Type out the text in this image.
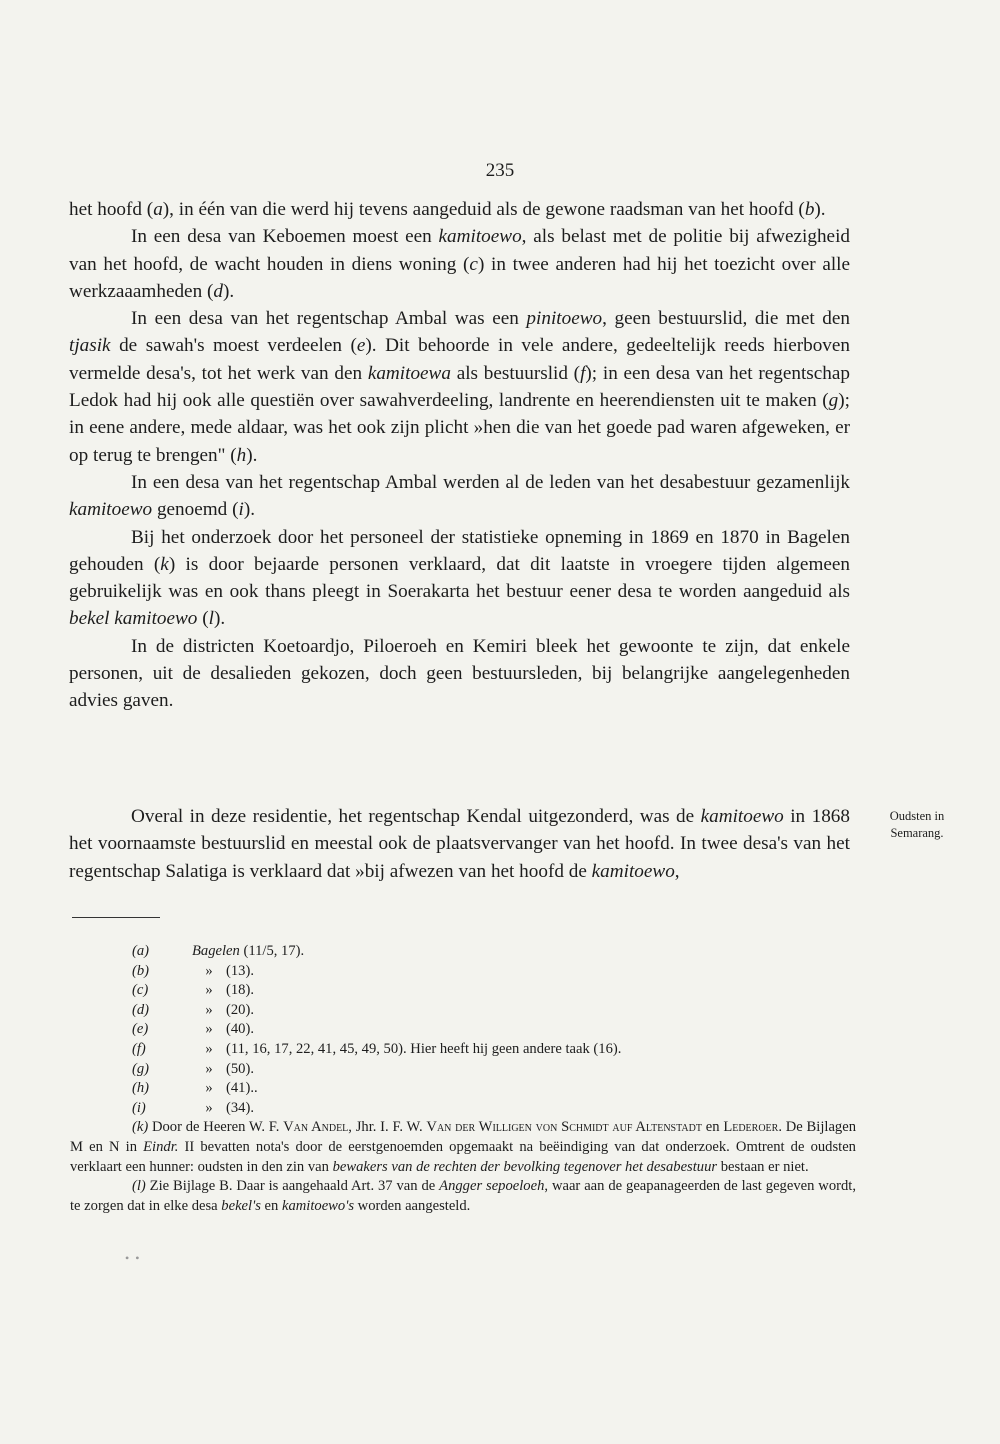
235

het hoofd (a), in één van die werd hij tevens aangeduid als de gewone raadsman van het hoofd (b).

In een desa van Keboemen moest een kamitoewo, als belast met de politie bij afwezigheid van het hoofd, de wacht houden in diens woning (c) in twee anderen had hij het toezicht over alle werkzaaamheden (d).

In een desa van het regentschap Ambal was een pinitoewo, geen bestuurslid, die met den tjasik de sawah's moest verdeelen (e). Dit behoorde in vele andere, gedeeltelijk reeds hierboven vermelde desa's, tot het werk van den kamitoewa als bestuurslid (f); in een desa van het regentschap Ledok had hij ook alle questiën over sawahverdeeling, landrente en heerendiensten uit te maken (g); in eene andere, mede aldaar, was het ook zijn plicht »hen die van het goede pad waren afgeweken, er op terug te brengen" (h).

In een desa van het regentschap Ambal werden al de leden van het desabestuur gezamenlijk kamitoewo genoemd (i).

Bij het onderzoek door het personeel der statistieke opneming in 1869 en 1870 in Bagelen gehouden (k) is door bejaarde personen verklaard, dat dit laatste in vroegere tijden algemeen gebruikelijk was en ook thans pleegt in Soerakarta het bestuur eener desa te worden aangeduid als bekel kamitoewo (l).

In de districten Koetoardjo, Piloeroeh en Kemiri bleek het gewoonte te zijn, dat enkele personen, uit de desalieden gekozen, doch geen bestuursleden, bij belangrijke aangelegenheden advies gaven.

Overal in deze residentie, het regentschap Kendal uitgezonderd, was de kamitoewo in 1868 het voornaamste bestuurslid en meestal ook de plaatsvervanger van het hoofd. In twee desa's van het regentschap Salatiga is verklaard dat »bij afwezen van het hoofd de kamitoewo,

Oudsten in
Semarang.
(a)	Bagelen (11/5, 17).
(b)	» (13).
(c)	» (18).
(d)	» (20).
(e)	» (40).
(f)	» (11, 16, 17, 22, 41, 45, 49, 50). Hier heeft hij geen andere taak (16).
(g)	» (50).
(h)	» (41)..
(i)	» (34).

(k) Door de Heeren W. F. Van Andel, Jhr. I. F. W. Van der Willigen von Schmidt auf Altenstadt en Lederoer. De Bijlagen M en N in Eindr. II bevatten nota's door de eerstgenoemden opgemaakt na beëindiging van dat onderzoek. Omtrent de oudsten verklaart een hunner: oudsten in den zin van bewakers van de rechten der bevolking tegenover het desabestuur bestaan er niet.

(l) Zie Bijlage B. Daar is aangehaald Art. 37 van de Angger sepoeloeh, waar aan de geapanageerden de last gegeven wordt, te zorgen dat in elke desa bekel's en kamitoewo's worden aangesteld.

••
